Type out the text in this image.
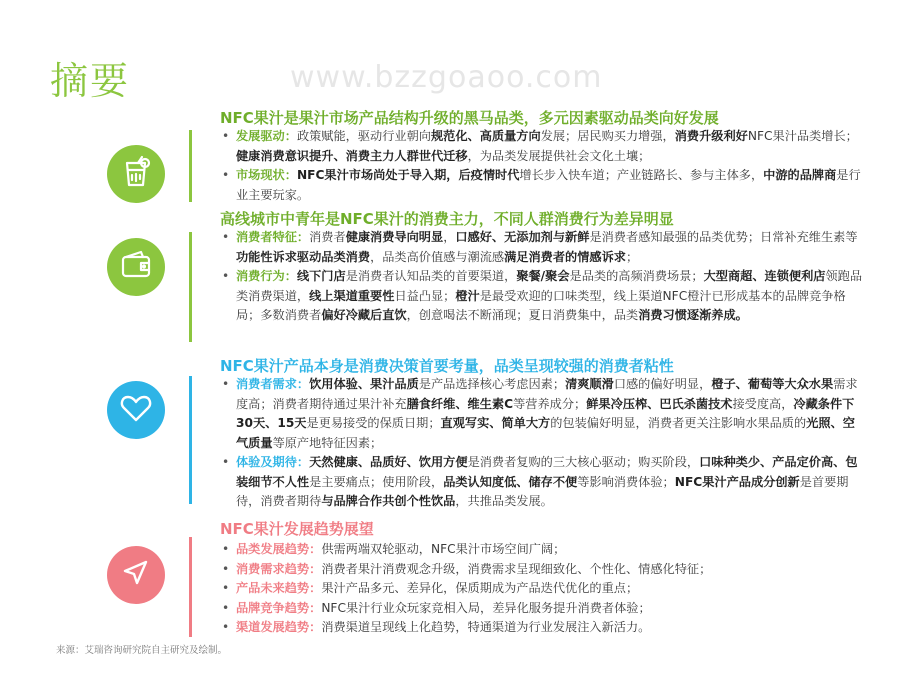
摘要	www.bzzgoaoo.com
NFC果汁是果汁市场产品结构升级的黑马品类，多元因素驱动品类向好发展
• 发展驱动：政策赋能，驱动行业朝向规范化、高质量方向发展；居民购买力增强，消费升级利好NFC果汁品类增长；健康消费意识提升、消费主力人群世代迁移，为品类发展提供社会文化土壤；
• 市场现状：NFC果汁市场尚处于导入期，后疫情时代增长步入快车道；产业链路长、参与主体多，中游的品牌商是行业主要玩家。
高线城市中青年是NFC果汁的消费主力，不同人群消费行为差异明显
• 消费者特征：消费者健康消费导向明显，口感好、无添加剂与新鲜是消费者感知最强的品类优势；日常补充维生素等功能性诉求驱动品类消费，品类高价值感与潮流感满足消费者的情感诉求；
• 消费行为：线下门店是消费者认知品类的首要渠道，聚餐/聚会是品类的高频消费场景；大型商超、连锁便利店领跑品类消费渠道，线上渠道重要性日益凸显；橙汁是最受欢迎的口味类型，线上渠道NFC橙汁已形成基本的品牌竞争格局；多数消费者偏好冷藏后直饮，创意喝法不断涌现；夏日消费集中，品类消费习惯逐渐养成。
NFC果汁产品本身是消费决策首要考量，品类呈现较强的消费者粘性
• 消费者需求：饮用体验、果汁品质是产品选择核心考虑因素；清爽顺滑口感的偏好明显，橙子、葡萄等大众水果需求度高；消费者期待通过果汁补充膳食纤维、维生素C等营养成分；鲜果冷压榨、巴氏杀菌技术接受度高，冷藏条件下30天、15天是更易接受的保质日期；直观写实、简单大方的包装偏好明显，消费者更关注影响水果品质的光照、空气质量等原产地特征因素；
• 体验及期待：天然健康、品质好、饮用方便是消费者复购的三大核心驱动；购买阶段，口味种类少、产品定价高、包装细节不人性是主要痛点；使用阶段，品类认知度低、储存不便等影响消费体验；NFC果汁产品成分创新是首要期待，消费者期待与品牌合作共创个性饮品，共推品类发展。
NFC果汁发展趋势展望
• 品类发展趋势：供需两端双轮驱动，NFC果汁市场空间广阔；
• 消费需求趋势：消费者果汁消费观念升级，消费需求呈现细致化、个性化、情感化特征；
• 产品未来趋势：果汁产品多元、差异化，保质期成为产品迭代优化的重点；
• 品牌竞争趋势：NFC果汁行业众玩家竞相入局，差异化服务提升消费者体验；
• 渠道发展趋势：消费渠道呈现线上化趋势，特通渠道为行业发展注入新活力。
来源：艾瑞咨询研究院自主研究及绘制。
